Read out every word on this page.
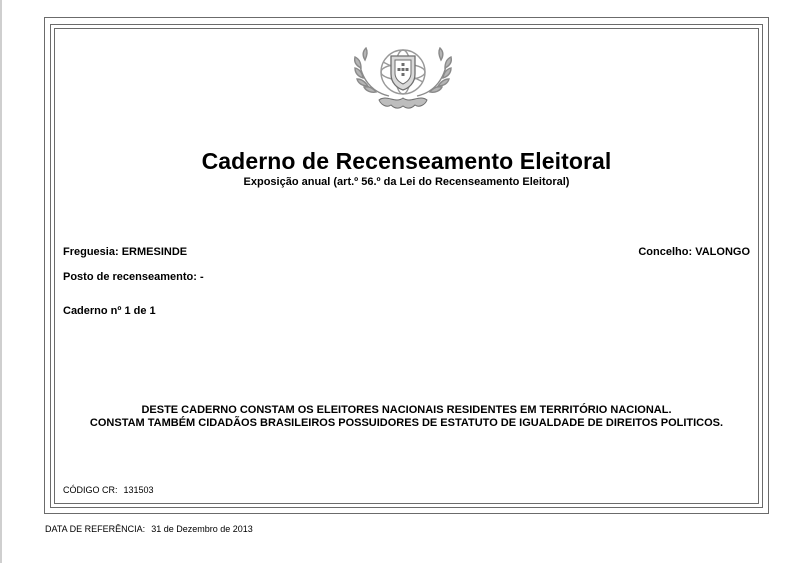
Caderno de Recenseamento Eleitoral
Exposição anual (art.º 56.º da Lei do Recenseamento Eleitoral)
Freguesia: ERMESINDE	Concelho: VALONGO
Posto de recenseamento: -
Caderno nº 1 de 1
DESTE CADERNO CONSTAM OS ELEITORES NACIONAIS RESIDENTES EM TERRITÓRIO NACIONAL.
CONSTAM TAMBÉM CIDADÃOS BRASILEIROS POSSUIDORES DE ESTATUTO DE IGUALDADE DE DIREITOS POLITICOS.
CÓDIGO CR: 131503
DATA DE REFERÊNCIA: 31 de Dezembro de 2013
